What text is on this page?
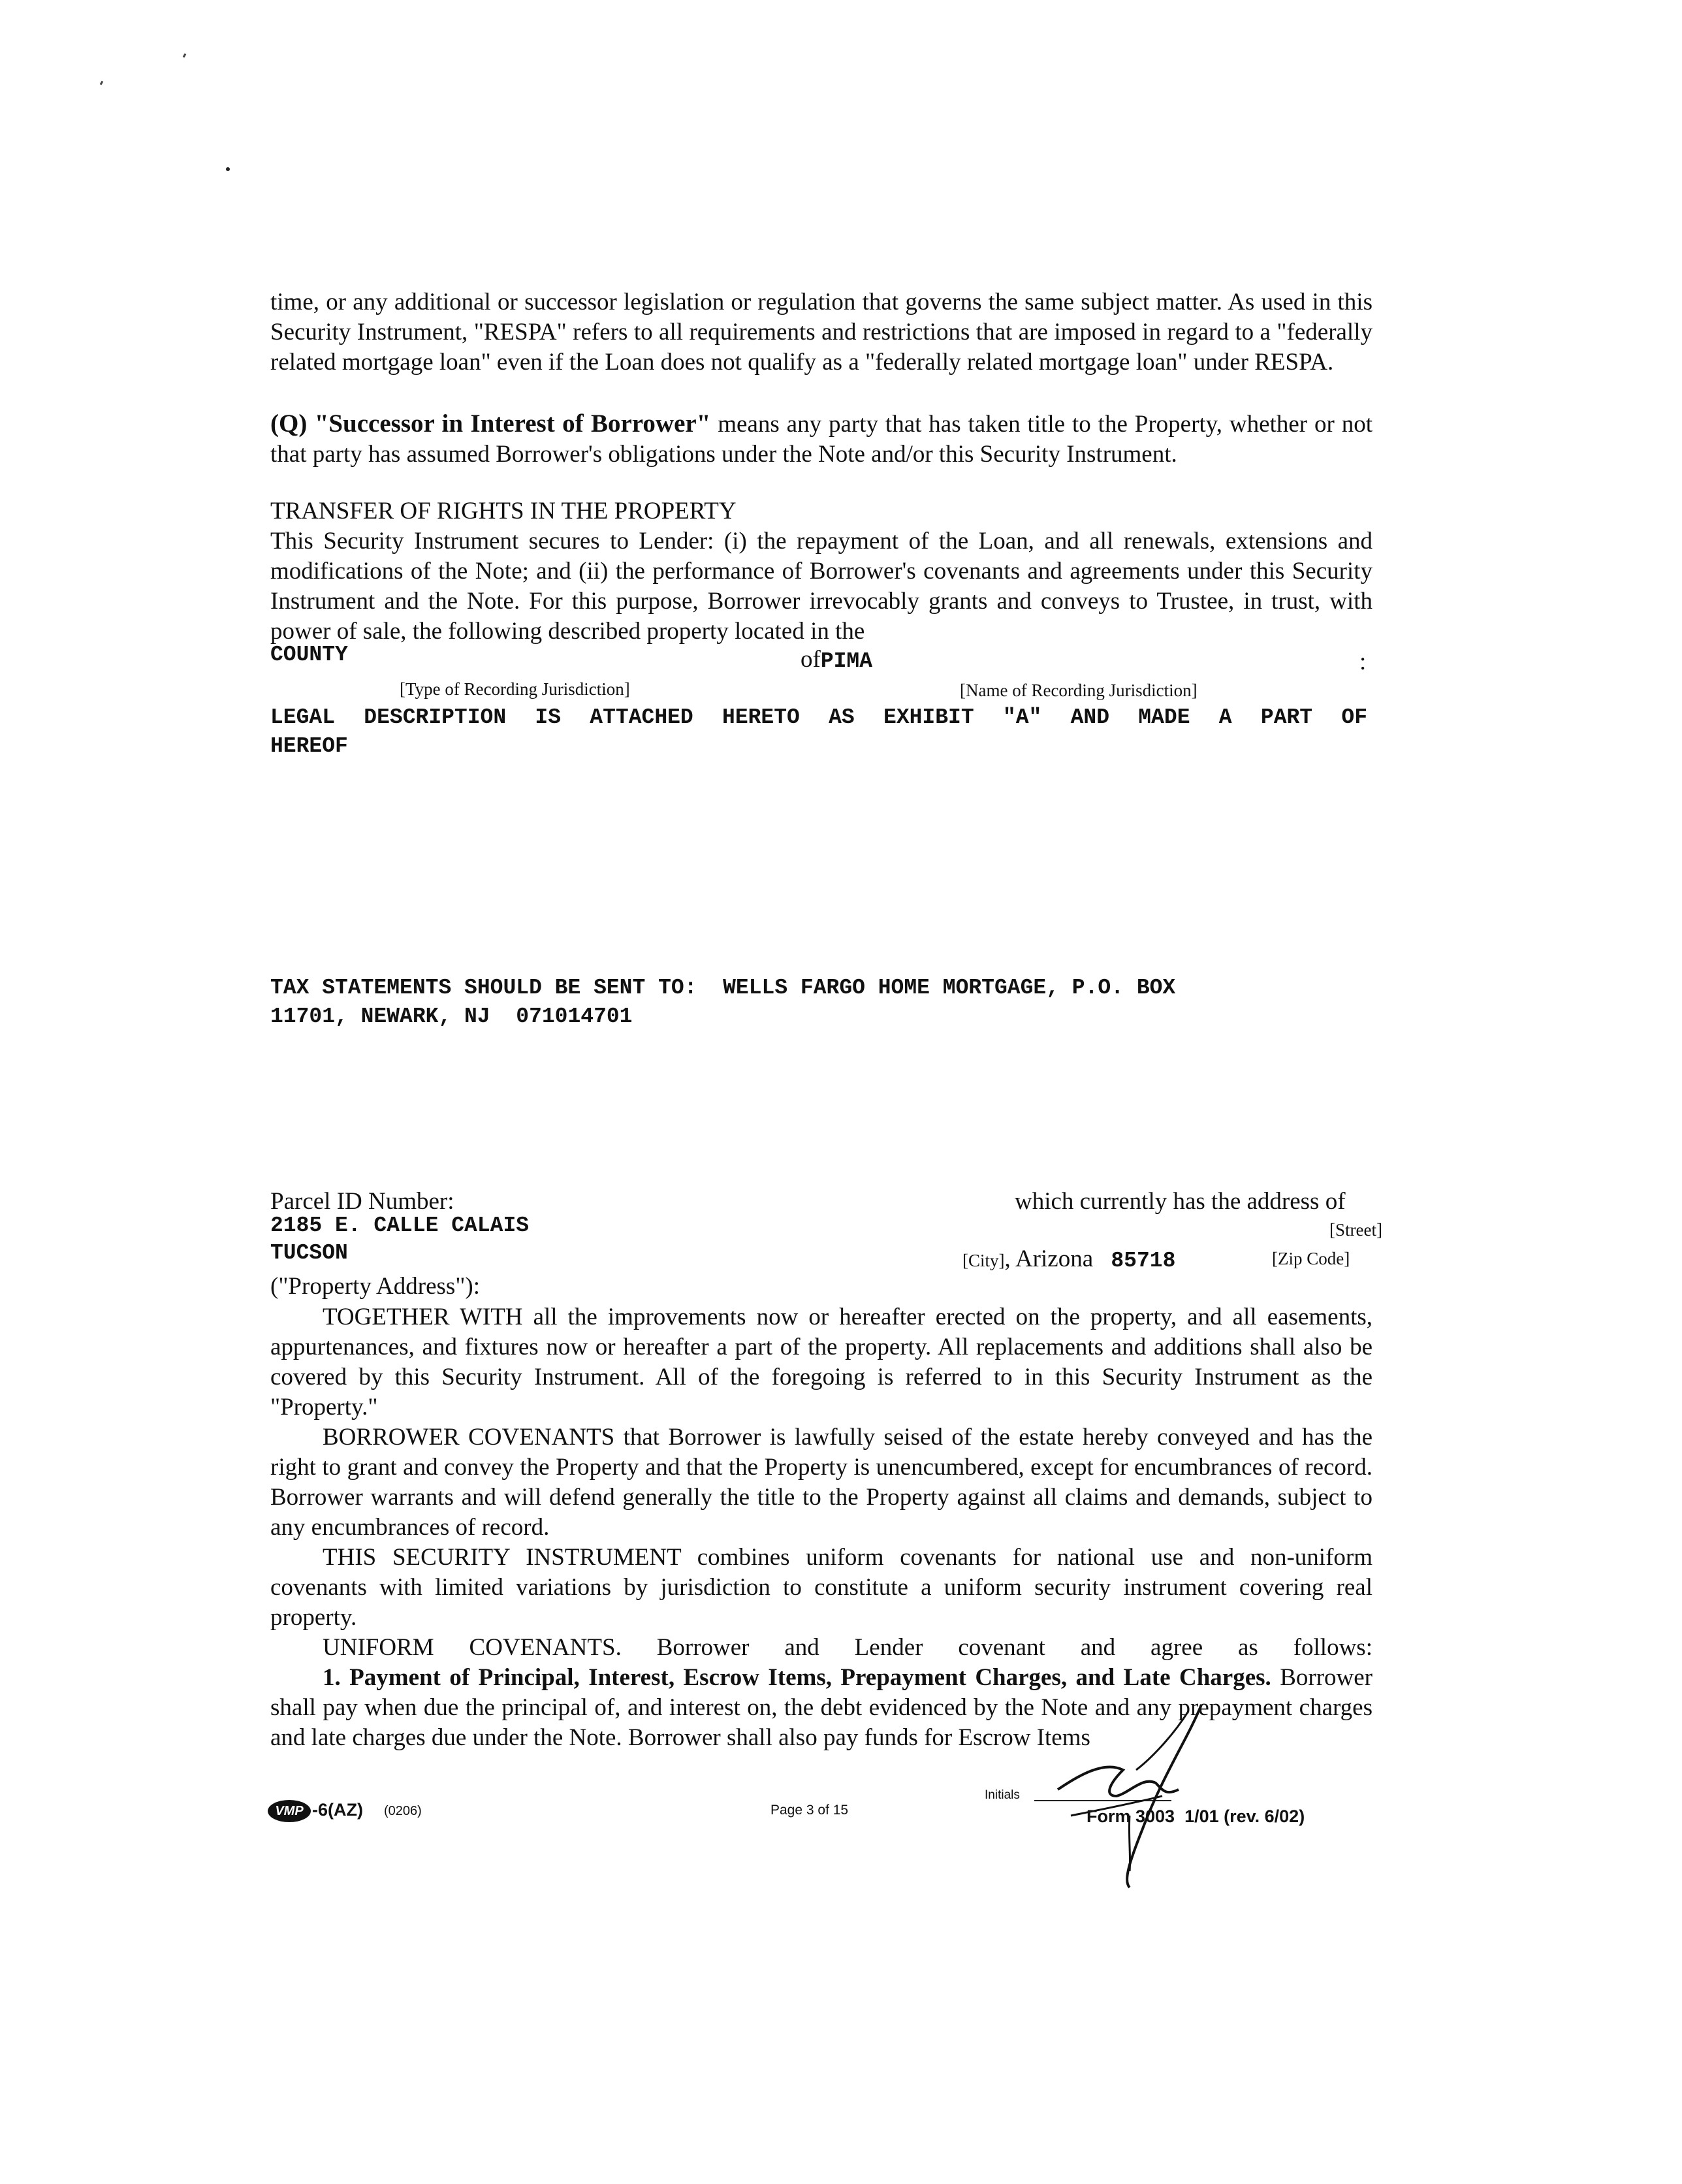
time, or any additional or successor legislation or regulation that governs the same subject matter. As used in this Security Instrument, "RESPA" refers to all requirements and restrictions that are imposed in regard to a "federally related mortgage loan" even if the Loan does not qualify as a "federally related mortgage loan" under RESPA.
(Q) "Successor in Interest of Borrower" means any party that has taken title to the Property, whether or not that party has assumed Borrower's obligations under the Note and/or this Security Instrument.
TRANSFER OF RIGHTS IN THE PROPERTY
This Security Instrument secures to Lender: (i) the repayment of the Loan, and all renewals, extensions and modifications of the Note; and (ii) the performance of Borrower's covenants and agreements under this Security Instrument and the Note. For this purpose, Borrower irrevocably grants and conveys to Trustee, in trust, with power of sale, the following described property located in the
COUNTY	ofPIMA	:
[Type of Recording Jurisdiction]	[Name of Recording Jurisdiction]
LEGAL DESCRIPTION IS ATTACHED HERETO AS EXHIBIT "A" AND MADE A PART OF
HEREOF
TAX STATEMENTS SHOULD BE SENT TO:  WELLS FARGO HOME MORTGAGE, P.O. BOX
11701, NEWARK, NJ  071014701
Parcel ID Number:	which currently has the address of
2185 E. CALLE CALAIS	[Street]
TUCSON	[City], Arizona 85718	[Zip Code]
("Property Address"):
TOGETHER WITH all the improvements now or hereafter erected on the property, and all easements, appurtenances, and fixtures now or hereafter a part of the property. All replacements and additions shall also be covered by this Security Instrument. All of the foregoing is referred to in this Security Instrument as the "Property."
BORROWER COVENANTS that Borrower is lawfully seised of the estate hereby conveyed and has the right to grant and convey the Property and that the Property is unencumbered, except for encumbrances of record. Borrower warrants and will defend generally the title to the Property against all claims and demands, subject to any encumbrances of record.
THIS SECURITY INSTRUMENT combines uniform covenants for national use and non-uniform covenants with limited variations by jurisdiction to constitute a uniform security instrument covering real property.
UNIFORM COVENANTS. Borrower and Lender covenant and agree as follows:
1. Payment of Principal, Interest, Escrow Items, Prepayment Charges, and Late Charges. Borrower shall pay when due the principal of, and interest on, the debt evidenced by the Note and any prepayment charges and late charges due under the Note. Borrower shall also pay funds for Escrow Items
VMP -6(AZ) (0206)	Page 3 of 15
Initials
Form 3003  1/01 (rev. 6/02)
